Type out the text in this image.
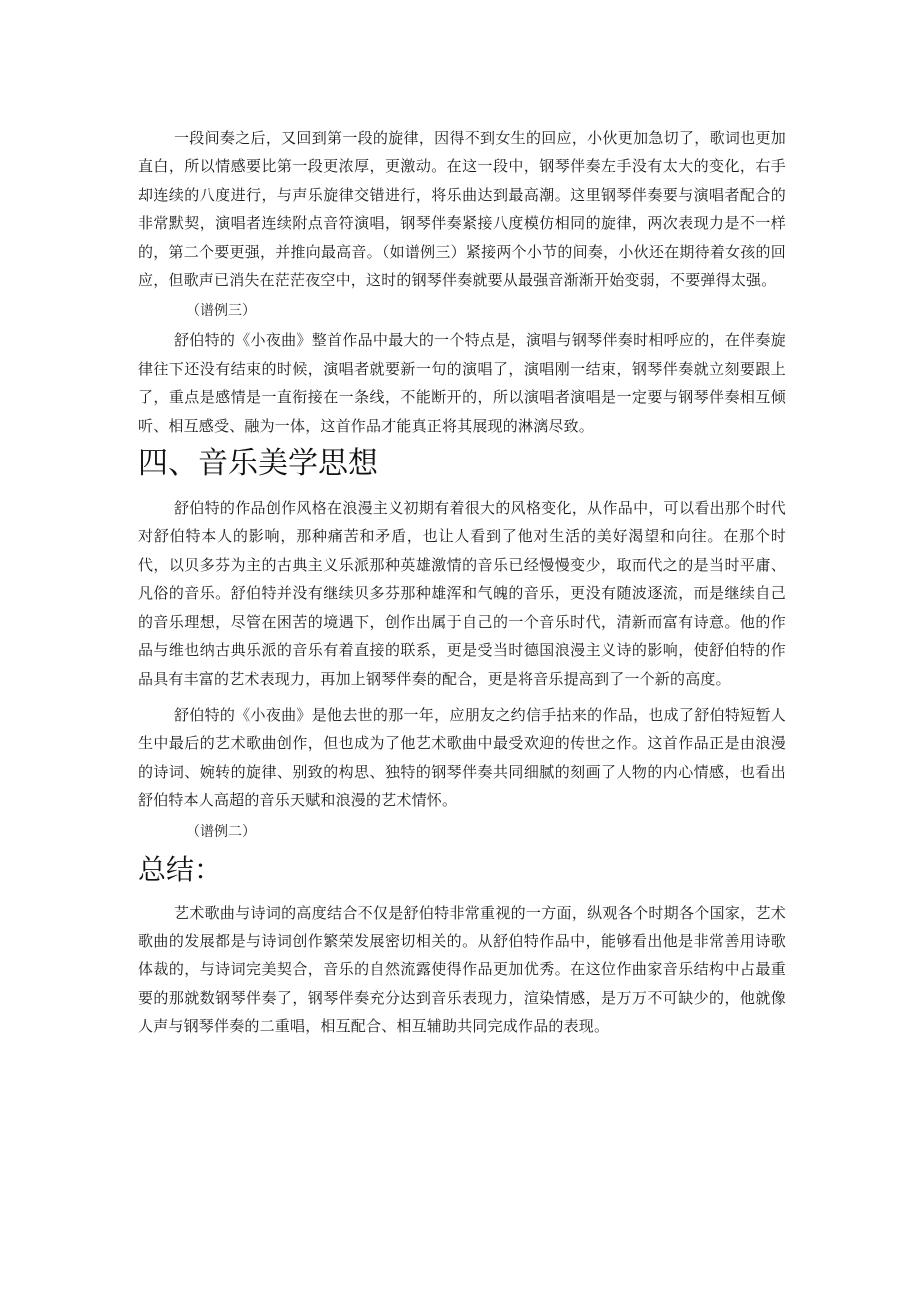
一段间奏之后，又回到第一段的旋律，因得不到女生的回应，小伙更加急切了，歌词也更加直白，所以情感要比第一段更浓厚，更激动。在这一段中，钢琴伴奏左手没有太大的变化，右手却连续的八度进行，与声乐旋律交错进行，将乐曲达到最高潮。这里钢琴伴奏要与演唱者配合的非常默契，演唱者连续附点音符演唱，钢琴伴奏紧接八度模仿相同的旋律，两次表现力是不一样的，第二个要更强，并推向最高音。（如谱例三）紧接两个小节的间奏，小伙还在期待着女孩的回应，但歌声已消失在茫茫夜空中，这时的钢琴伴奏就要从最强音渐渐开始变弱，不要弹得太强。

（谱例三）

舒伯特的《小夜曲》整首作品中最大的一个特点是，演唱与钢琴伴奏时相呼应的，在伴奏旋律往下还没有结束的时候，演唱者就要新一句的演唱了，演唱刚一结束，钢琴伴奏就立刻要跟上了，重点是感情是一直衔接在一条线，不能断开的，所以演唱者演唱是一定要与钢琴伴奏相互倾听、相互感受、融为一体，这首作品才能真正将其展现的淋漓尽致。

四、音乐美学思想

舒伯特的作品创作风格在浪漫主义初期有着很大的风格变化，从作品中，可以看出那个时代对舒伯特本人的影响，那种痛苦和矛盾，也让人看到了他对生活的美好渴望和向往。在那个时代，以贝多芬为主的古典主义乐派那种英雄激情的音乐已经慢慢变少，取而代之的是当时平庸、凡俗的音乐。舒伯特并没有继续贝多芬那种雄浑和气魄的音乐，更没有随波逐流，而是继续自己的音乐理想，尽管在困苦的境遇下，创作出属于自己的一个音乐时代，清新而富有诗意。他的作品与维也纳古典乐派的音乐有着直接的联系，更是受当时德国浪漫主义诗的影响，使舒伯特的作品具有丰富的艺术表现力，再加上钢琴伴奏的配合，更是将音乐提高到了一个新的高度。

舒伯特的《小夜曲》是他去世的那一年，应朋友之约信手拈来的作品，也成了舒伯特短暂人生中最后的艺术歌曲创作，但也成为了他艺术歌曲中最受欢迎的传世之作。这首作品正是由浪漫的诗词、婉转的旋律、别致的构思、独特的钢琴伴奏共同细腻的刻画了人物的内心情感，也看出舒伯特本人高超的音乐天赋和浪漫的艺术情怀。

（谱例二）
总结：

艺术歌曲与诗词的高度结合不仅是舒伯特非常重视的一方面，纵观各个时期各个国家，艺术歌曲的发展都是与诗词创作繁荣发展密切相关的。从舒伯特作品中，能够看出他是非常善用诗歌体裁的，与诗词完美契合，音乐的自然流露使得作品更加优秀。在这位作曲家音乐结构中占最重要的那就数钢琴伴奏了，钢琴伴奏充分达到音乐表现力，渲染情感，是万万不可缺少的，他就像人声与钢琴伴奏的二重唱，相互配合、相互辅助共同完成作品的表现。
